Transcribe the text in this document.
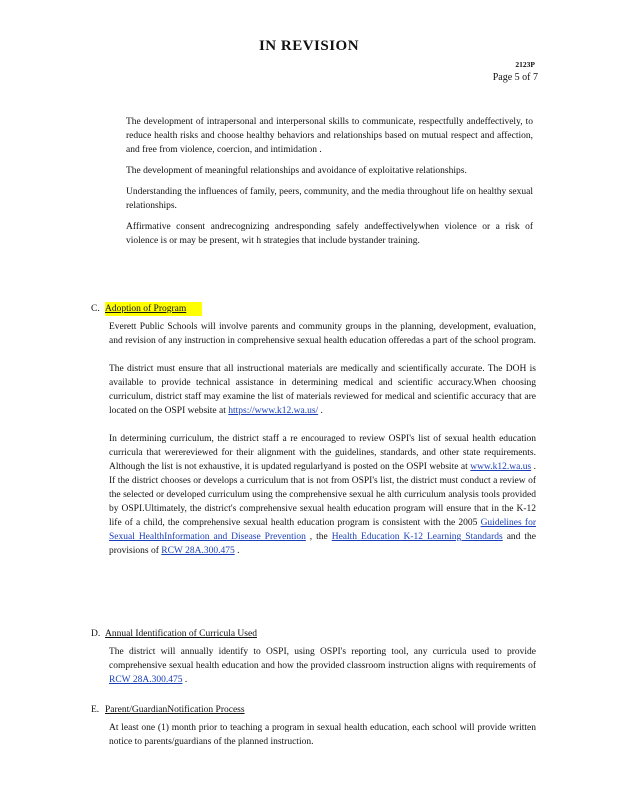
IN REVISION
2123P
Page 5 of 7
The development of intrapersonal and interpersonal skills to communicate, respectfully andeffectively, to reduce health risks and choose healthy behaviors and relationships based on mutual respect and affection, and free from violence, coercion, and intimidation .
The development of meaningful relationships and avoidance of exploitative relationships.
Understanding the influences of family, peers, community, and the media throughout life on healthy sexual relationships.
Affirmative consent andrecognizing andresponding safely andeffectivelywhen violence or a risk of violence is or may be present, wit h strategies that include bystander training.
C. Adoption of Program
Everett Public Schools will involve parents and community groups in the planning, development, evaluation, and revision of any instruction in comprehensive sexual health education offeredas a part of the school program.
The district must ensure that all instructional materials are medically and scientifically accurate. The DOH is available to provide technical assistance in determining medical and scientific accuracy.When choosing curriculum, district staff may examine the list of materials reviewed for medical and scientific accuracy that are located on the OSPI website at https://www.k12.wa.us/ .
In determining curriculum, the district staff a re encouraged to review OSPI's list of sexual health education curricula that werereviewed for their alignment with the guidelines, standards, and other state requirements. Although the list is not exhaustive, it is updated regularlyand is posted on the OSPI website at www.k12.wa.us . If the district chooses or develops a curriculum that is not from OSPI's list, the district must conduct a review of the selected or developed curriculum using the comprehensive sexual he alth curriculum analysis tools provided by OSPI.Ultimately, the district's comprehensive sexual health education program will ensure that in the K-12 life of a child, the comprehensive sexual health education program is consistent with the 2005 Guidelines for Sexual HealthInformation and Disease Prevention , the Health Education K-12 Learning Standards and the provisions of RCW 28A.300.475 .
D. Annual Identification of Curricula Used
The district will annually identify to OSPI, using OSPI's reporting tool, any curricula used to provide comprehensive sexual health education and how the provided classroom instruction aligns with requirements of RCW 28A.300.475 .
E. Parent/GuardianNotification Process
At least one (1) month prior to teaching a program in sexual health education, each school will provide written notice to parents/guardians of the planned instruction.
